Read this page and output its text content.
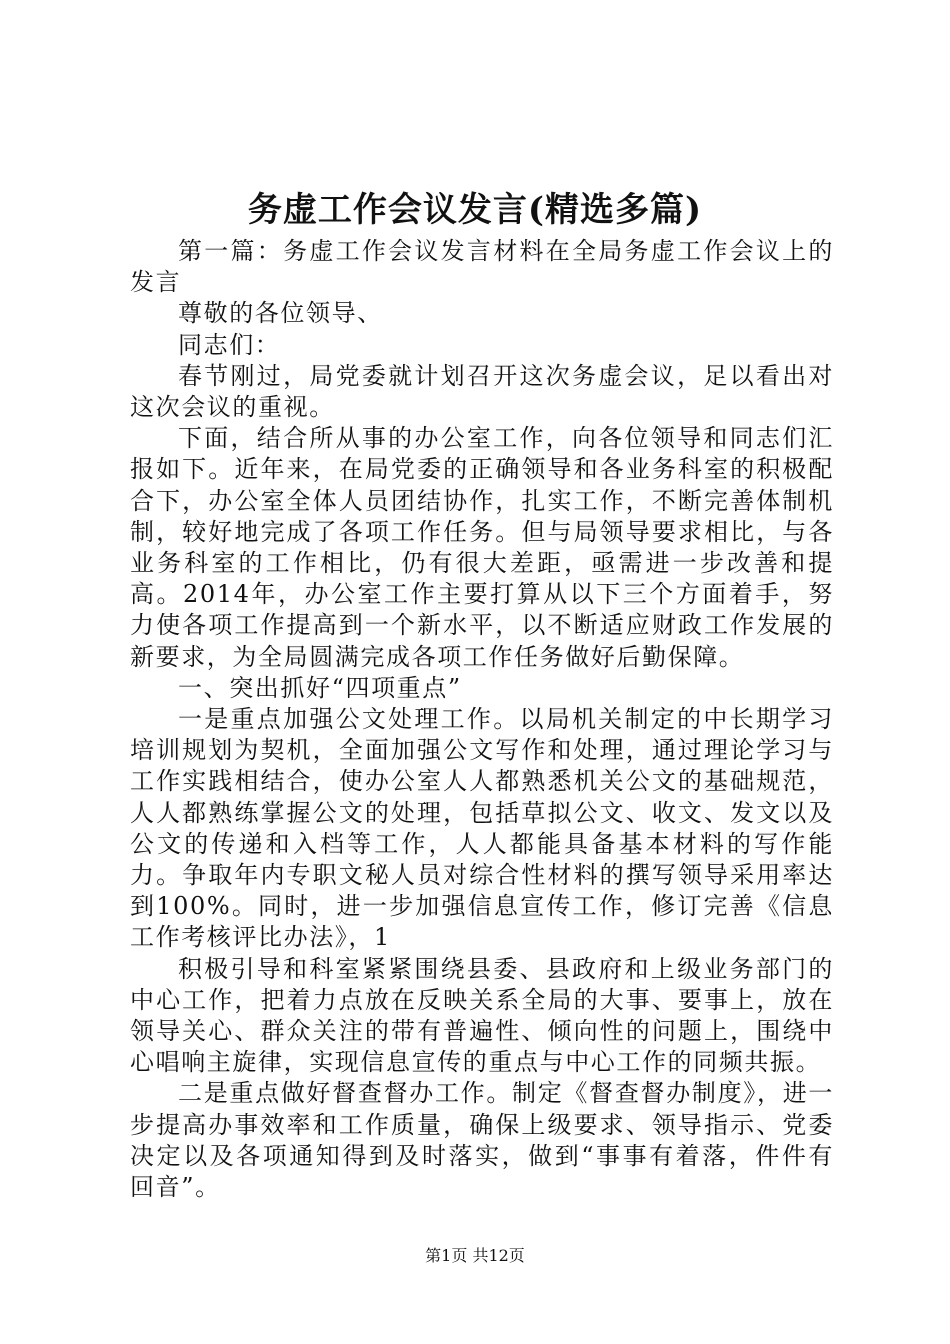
务虚工作会议发言(精选多篇)

第一篇：务虚工作会议发言材料在全局务虚工作会议上的发言

尊敬的各位领导、

同志们：

春节刚过，局党委就计划召开这次务虚会议，足以看出对这次会议的重视。

下面，结合所从事的办公室工作，向各位领导和同志们汇报如下。近年来，在局党委的正确领导和各业务科室的积极配合下，办公室全体人员团结协作，扎实工作，不断完善体制机制，较好地完成了各项工作任务。但与局领导要求相比，与各业务科室的工作相比，仍有很大差距，亟需进一步改善和提高。2014年，办公室工作主要打算从以下三个方面着手，努力使各项工作提高到一个新水平，以不断适应财政工作发展的新要求，为全局圆满完成各项工作任务做好后勤保障。

一、突出抓好“四项重点”

一是重点加强公文处理工作。以局机关制定的中长期学习培训规划为契机，全面加强公文写作和处理，通过理论学习与工作实践相结合，使办公室人人都熟悉机关公文的基础规范，人人都熟练掌握公文的处理，包括草拟公文、收文、发文以及公文的传递和入档等工作，人人都能具备基本材料的写作能力。争取年内专职文秘人员对综合性材料的撰写领导采用率达到100%。同时，进一步加强信息宣传工作，修订完善《信息工作考核评比办法》，1

积极引导和科室紧紧围绕县委、县政府和上级业务部门的中心工作，把着力点放在反映关系全局的大事、要事上，放在领导关心、群众关注的带有普遍性、倾向性的问题上，围绕中心唱响主旋律，实现信息宣传的重点与中心工作的同频共振。

二是重点做好督查督办工作。制定《督查督办制度》，进一步提高办事效率和工作质量，确保上级要求、领导指示、党委决定以及各项通知得到及时落实，做到“事事有着落，件件有回音”。

第1页 共12页
